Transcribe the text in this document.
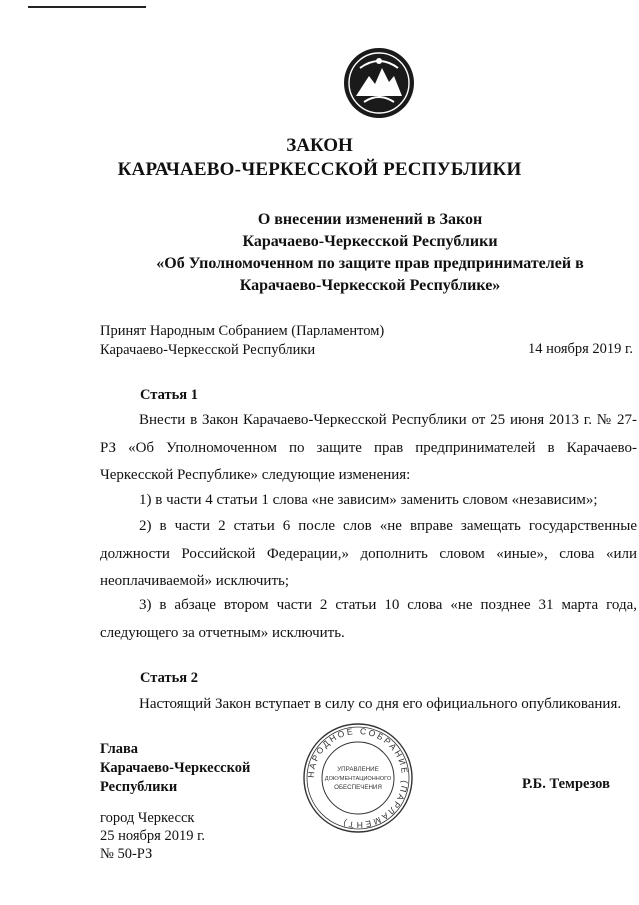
ЗАКОН
КАРАЧАЕВО-ЧЕРКЕССКОЙ РЕСПУБЛИКИ
О внесении изменений в Закон
Карачаево-Черкесской Республики
«Об Уполномоченном по защите прав предпринимателей в
Карачаево-Черкесской Республике»
Принят Народным Собранием (Парламентом)
Карачаево-Черкесской Республики	14 ноября 2019 г.
Статья 1
Внести в Закон Карачаево-Черкесской Республики от 25 июня 2013 г. № 27-РЗ «Об Уполномоченном по защите прав предпринимателей в Карачаево-Черкесской Республике» следующие изменения:
1) в части 4 статьи 1 слова «не зависим» заменить словом «независим»;
2) в части 2 статьи 6 после слов «не вправе замещать государственные должности Российской Федерации,» дополнить словом «иные», слова «или неоплачиваемой» исключить;
3) в абзаце втором части 2 статьи 10 слова «не позднее 31 марта года, следующего за отчетным» исключить.
Статья 2
Настоящий Закон вступает в силу со дня его официального опубликования.
Глава
Карачаево-Черкесской
Республики	Р.Б. Темрезов
НАРОДНОЕ СОБРАНИЕ (ПАРЛАМЕНТ)
УПРАВЛЕНИЕ
ДОКУМЕНТАЦИОННОГО
ОБЕСПЕЧЕНИЯ
город Черкесск
25 ноября 2019 г.
№ 50-РЗ
